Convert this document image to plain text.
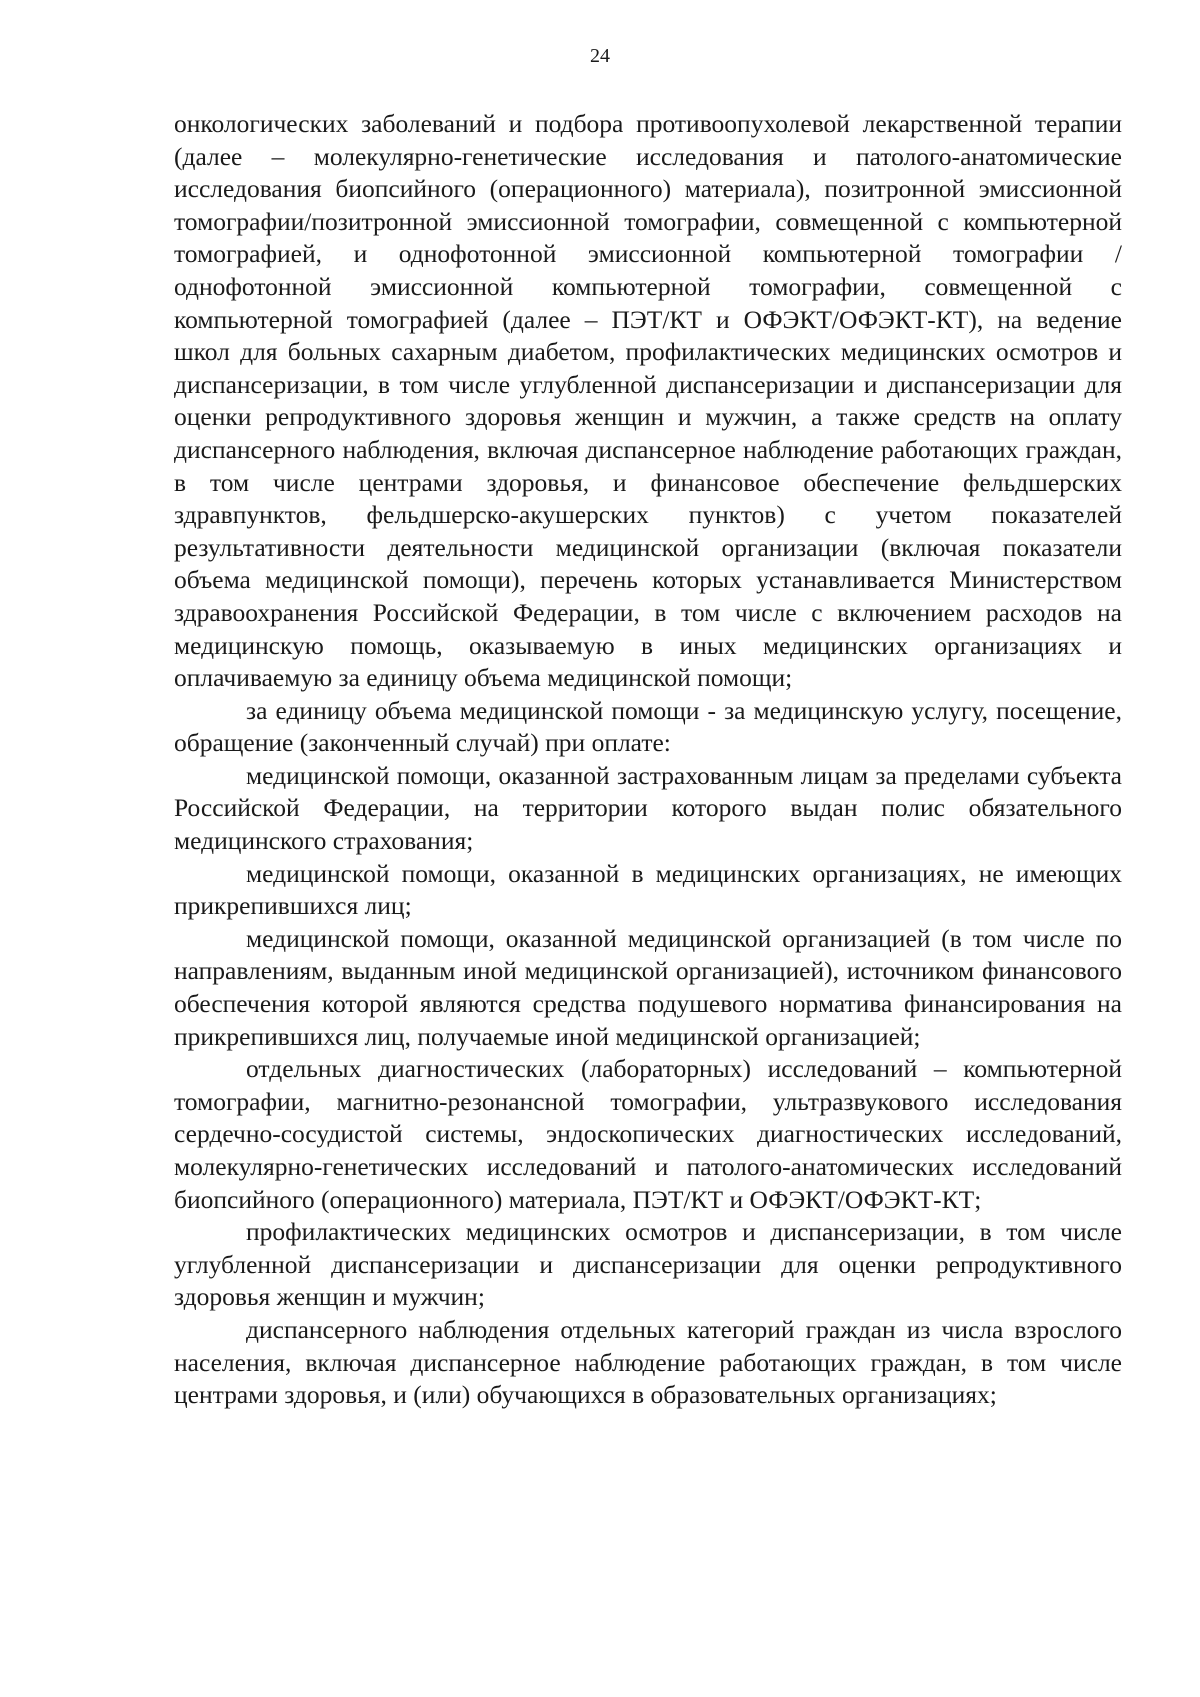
24

онкологических заболеваний и подбора противоопухолевой лекарственной терапии (далее – молекулярно-генетические исследования и патолого-анатомические исследования биопсийного (операционного) материала), позитронной эмиссионной томографии/позитронной эмиссионной томографии, совмещенной с компьютерной томографией, и однофотонной эмиссионной компьютерной томографии / однофотонной эмиссионной компьютерной томографии, совмещенной с компьютерной томографией (далее – ПЭТ/КТ и ОФЭКТ/ОФЭКТ-КТ), на ведение школ для больных сахарным диабетом, профилактических медицинских осмотров и диспансеризации, в том числе углубленной диспансеризации и диспансеризации для оценки репродуктивного здоровья женщин и мужчин, а также средств на оплату диспансерного наблюдения, включая диспансерное наблюдение работающих граждан, в том числе центрами здоровья, и финансовое обеспечение фельдшерских здравпунктов, фельдшерско-акушерских пунктов) с учетом показателей результативности деятельности медицинской организации (включая показатели объема медицинской помощи), перечень которых устанавливается Министерством здравоохранения Российской Федерации, в том числе с включением расходов на медицинскую помощь, оказываемую в иных медицинских организациях и оплачиваемую за единицу объема медицинской помощи;

за единицу объема медицинской помощи - за медицинскую услугу, посещение, обращение (законченный случай) при оплате:

медицинской помощи, оказанной застрахованным лицам за пределами субъекта Российской Федерации, на территории которого выдан полис обязательного медицинского страхования;

медицинской помощи, оказанной в медицинских организациях, не имеющих прикрепившихся лиц;

медицинской помощи, оказанной медицинской организацией (в том числе по направлениям, выданным иной медицинской организацией), источником финансового обеспечения которой являются средства подушевого норматива финансирования на прикрепившихся лиц, получаемые иной медицинской организацией;

отдельных диагностических (лабораторных) исследований – компьютерной томографии, магнитно-резонансной томографии, ультразвукового исследования сердечно-сосудистой системы, эндоскопических диагностических исследований, молекулярно-генетических исследований и патолого-анатомических исследований биопсийного (операционного) материала, ПЭТ/КТ и ОФЭКТ/ОФЭКТ-КТ;

профилактических медицинских осмотров и диспансеризации, в том числе углубленной диспансеризации и диспансеризации для оценки репродуктивного здоровья женщин и мужчин;

диспансерного наблюдения отдельных категорий граждан из числа взрослого населения, включая диспансерное наблюдение работающих граждан, в том числе центрами здоровья, и (или) обучающихся в образовательных организациях;
